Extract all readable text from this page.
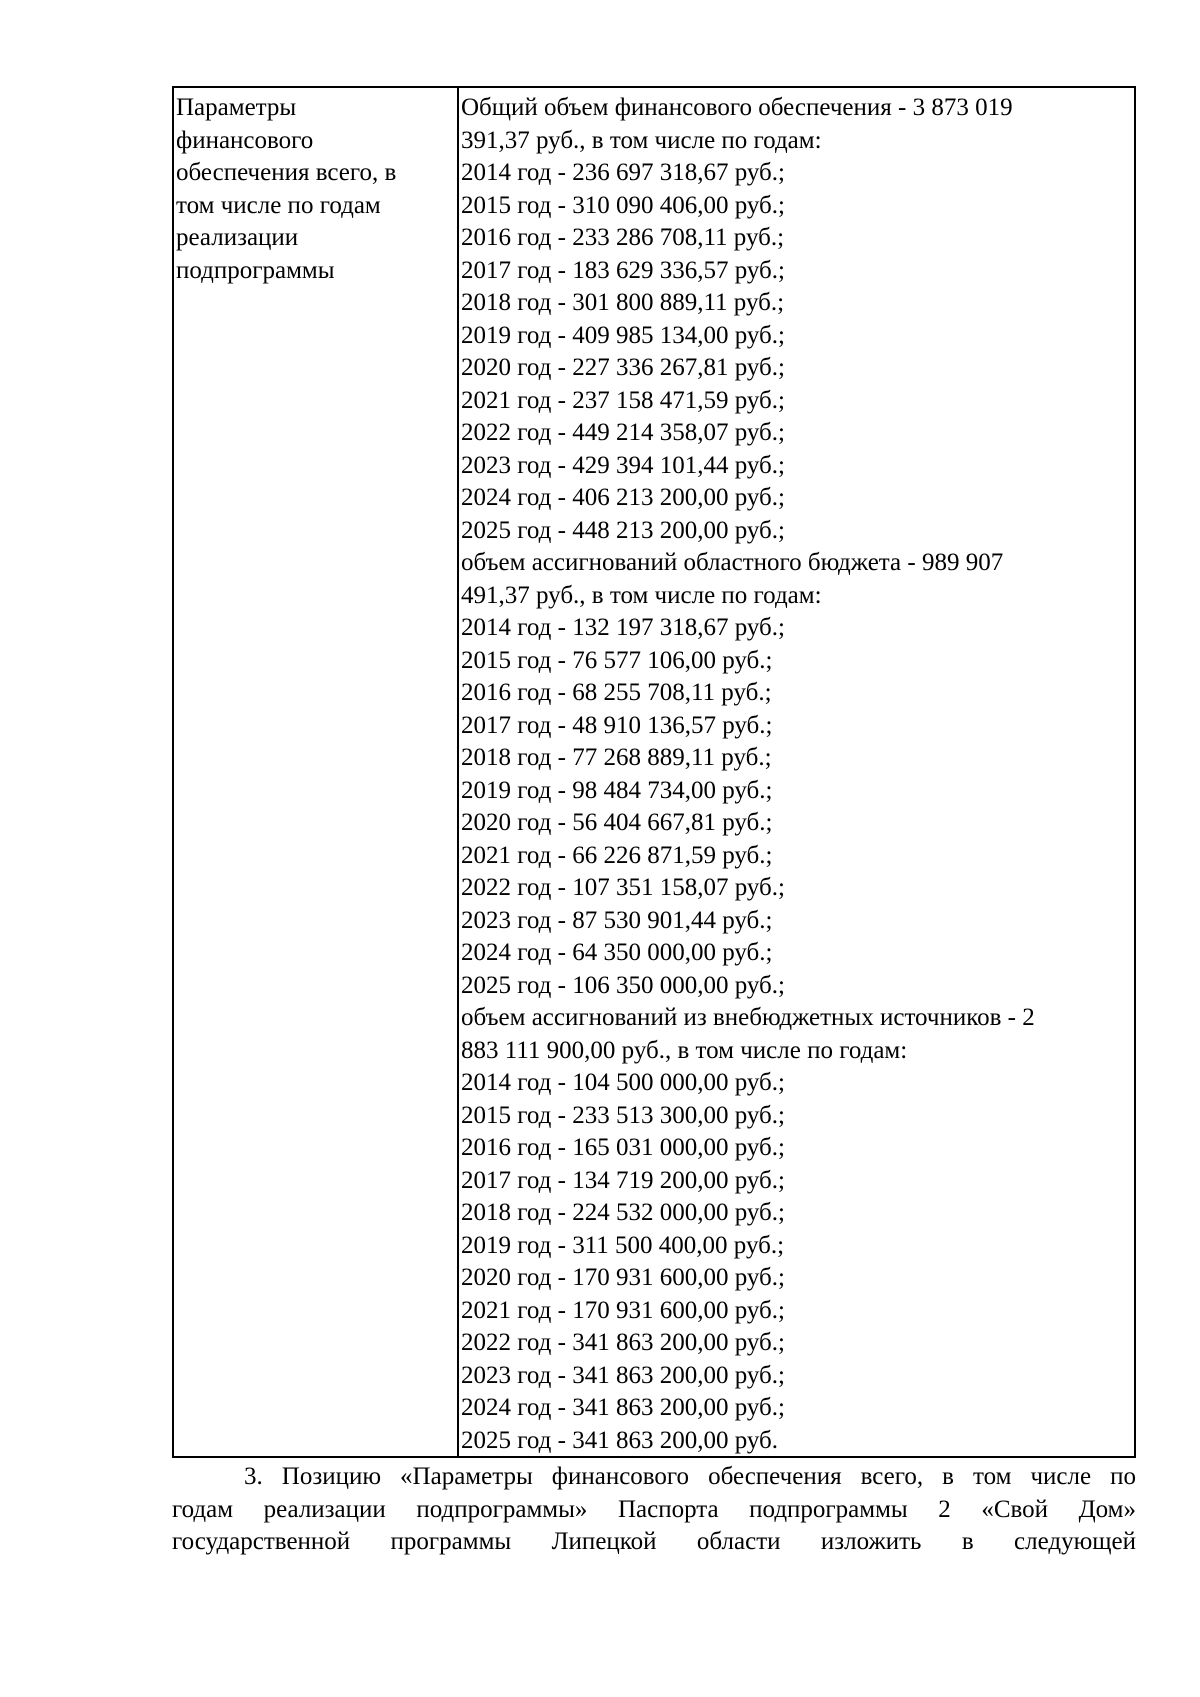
Параметры
финансового
обеспечения всего, в
том числе по годам
реализации
подпрограммы
Общий объем финансового обеспечения - 3 873 019
391,37 руб., в том числе по годам:
2014 год - 236 697 318,67 руб.;
2015 год - 310 090 406,00 руб.;
2016 год - 233 286 708,11 руб.;
2017 год - 183 629 336,57 руб.;
2018 год - 301 800 889,11 руб.;
2019 год - 409 985 134,00 руб.;
2020 год - 227 336 267,81 руб.;
2021 год - 237 158 471,59 руб.;
2022 год - 449 214 358,07 руб.;
2023 год - 429 394 101,44 руб.;
2024 год - 406 213 200,00 руб.;
2025 год - 448 213 200,00 руб.;
объем ассигнований областного бюджета - 989 907
491,37 руб., в том числе по годам:
2014 год - 132 197 318,67 руб.;
2015 год - 76 577 106,00 руб.;
2016 год - 68 255 708,11 руб.;
2017 год - 48 910 136,57 руб.;
2018 год - 77 268 889,11 руб.;
2019 год - 98 484 734,00 руб.;
2020 год - 56 404 667,81 руб.;
2021 год - 66 226 871,59 руб.;
2022 год - 107 351 158,07 руб.;
2023 год - 87 530 901,44 руб.;
2024 год - 64 350 000,00 руб.;
2025 год - 106 350 000,00 руб.;
объем ассигнований из внебюджетных источников - 2
883 111 900,00 руб., в том числе по годам:
2014 год - 104 500 000,00 руб.;
2015 год - 233 513 300,00 руб.;
2016 год - 165 031 000,00 руб.;
2017 год - 134 719 200,00 руб.;
2018 год - 224 532 000,00 руб.;
2019 год - 311 500 400,00 руб.;
2020 год - 170 931 600,00 руб.;
2021 год - 170 931 600,00 руб.;
2022 год - 341 863 200,00 руб.;
2023 год - 341 863 200,00 руб.;
2024 год - 341 863 200,00 руб.;
2025 год - 341 863 200,00 руб.
3. Позицию «Параметры финансового обеспечения всего, в том числе по
годам реализации подпрограммы» Паспорта подпрограммы 2 «Свой Дом»
государственной программы Липецкой области изложить в следующей
